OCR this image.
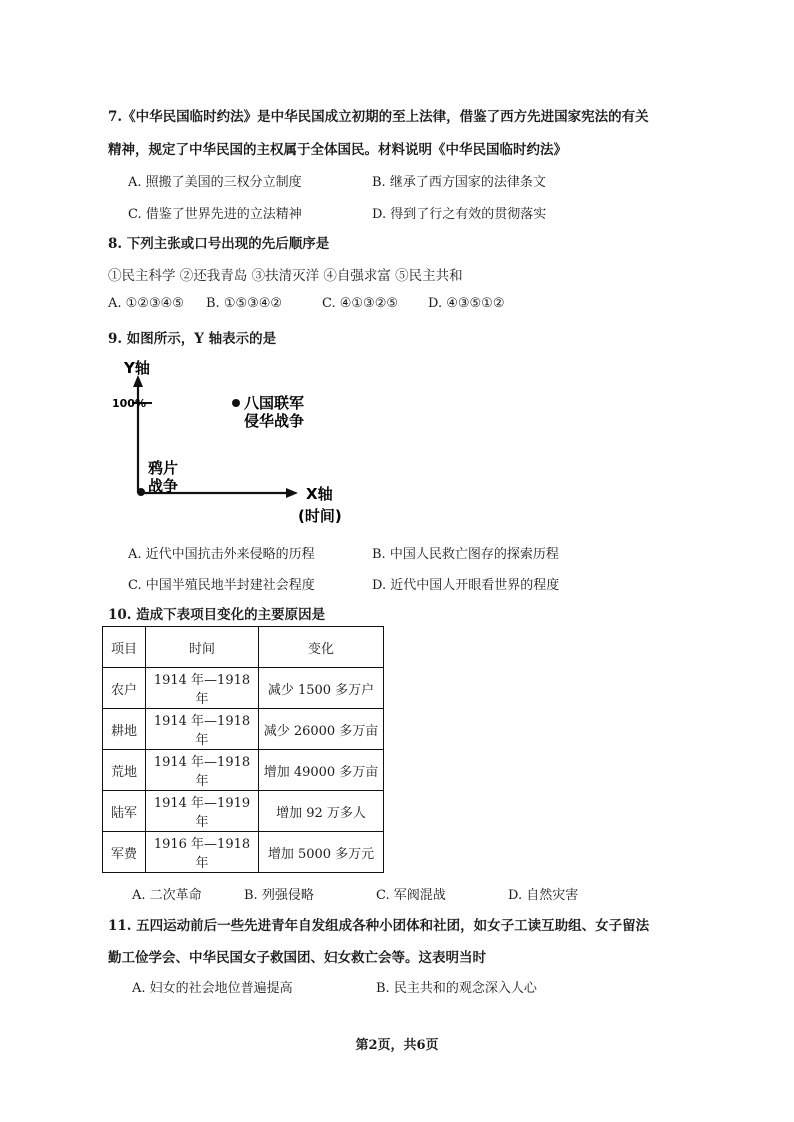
7.《中华民国临时约法》是中华民国成立初期的至上法律，借鉴了西方先进国家宪法的有关
精神，规定了中华民国的主权属于全体国民。材料说明《中华民国临时约法》
A. 照搬了美国的三权分立制度	B. 继承了西方国家的法律条文
C. 借鉴了世界先进的立法精神	D. 得到了行之有效的贯彻落实
8. 下列主张或口号出现的先后顺序是
①民主科学 ②还我青岛 ③扶清灭洋 ④自强求富 ⑤民主共和
A. ①②③④⑤ B. ①⑤③④②	C. ④①③②⑤ D. ④③⑤①②
9. 如图所示，Y 轴表示的是
Y轴
100%
X轴
(时间)
八国联军
侵华战争
鸦片
战争
A. 近代中国抗击外来侵略的历程	B. 中国人民救亡图存的探索历程
C. 中国半殖民地半封建社会程度	D. 近代中国人开眼看世界的程度
10. 造成下表项目变化的主要原因是
项目	时间	变化
农户	1914 年—1918 年	减少 1500 多万户
耕地	1914 年—1918 年	减少 26000 多万亩
荒地	1914 年—1918 年	增加 49000 多万亩
陆军	1914 年—1919 年	增加 92 万多人
军费	1916 年—1918 年	增加 5000 多万元
A. 二次革命	B. 列强侵略	C. 军阀混战	D. 自然灾害
11. 五四运动前后一些先进青年自发组成各种小团体和社团，如女子工读互助组、女子留法
勤工俭学会、中华民国女子救国团、妇女救亡会等。这表明当时
A. 妇女的社会地位普遍提高	B. 民主共和的观念深入人心
第2页，共6页
